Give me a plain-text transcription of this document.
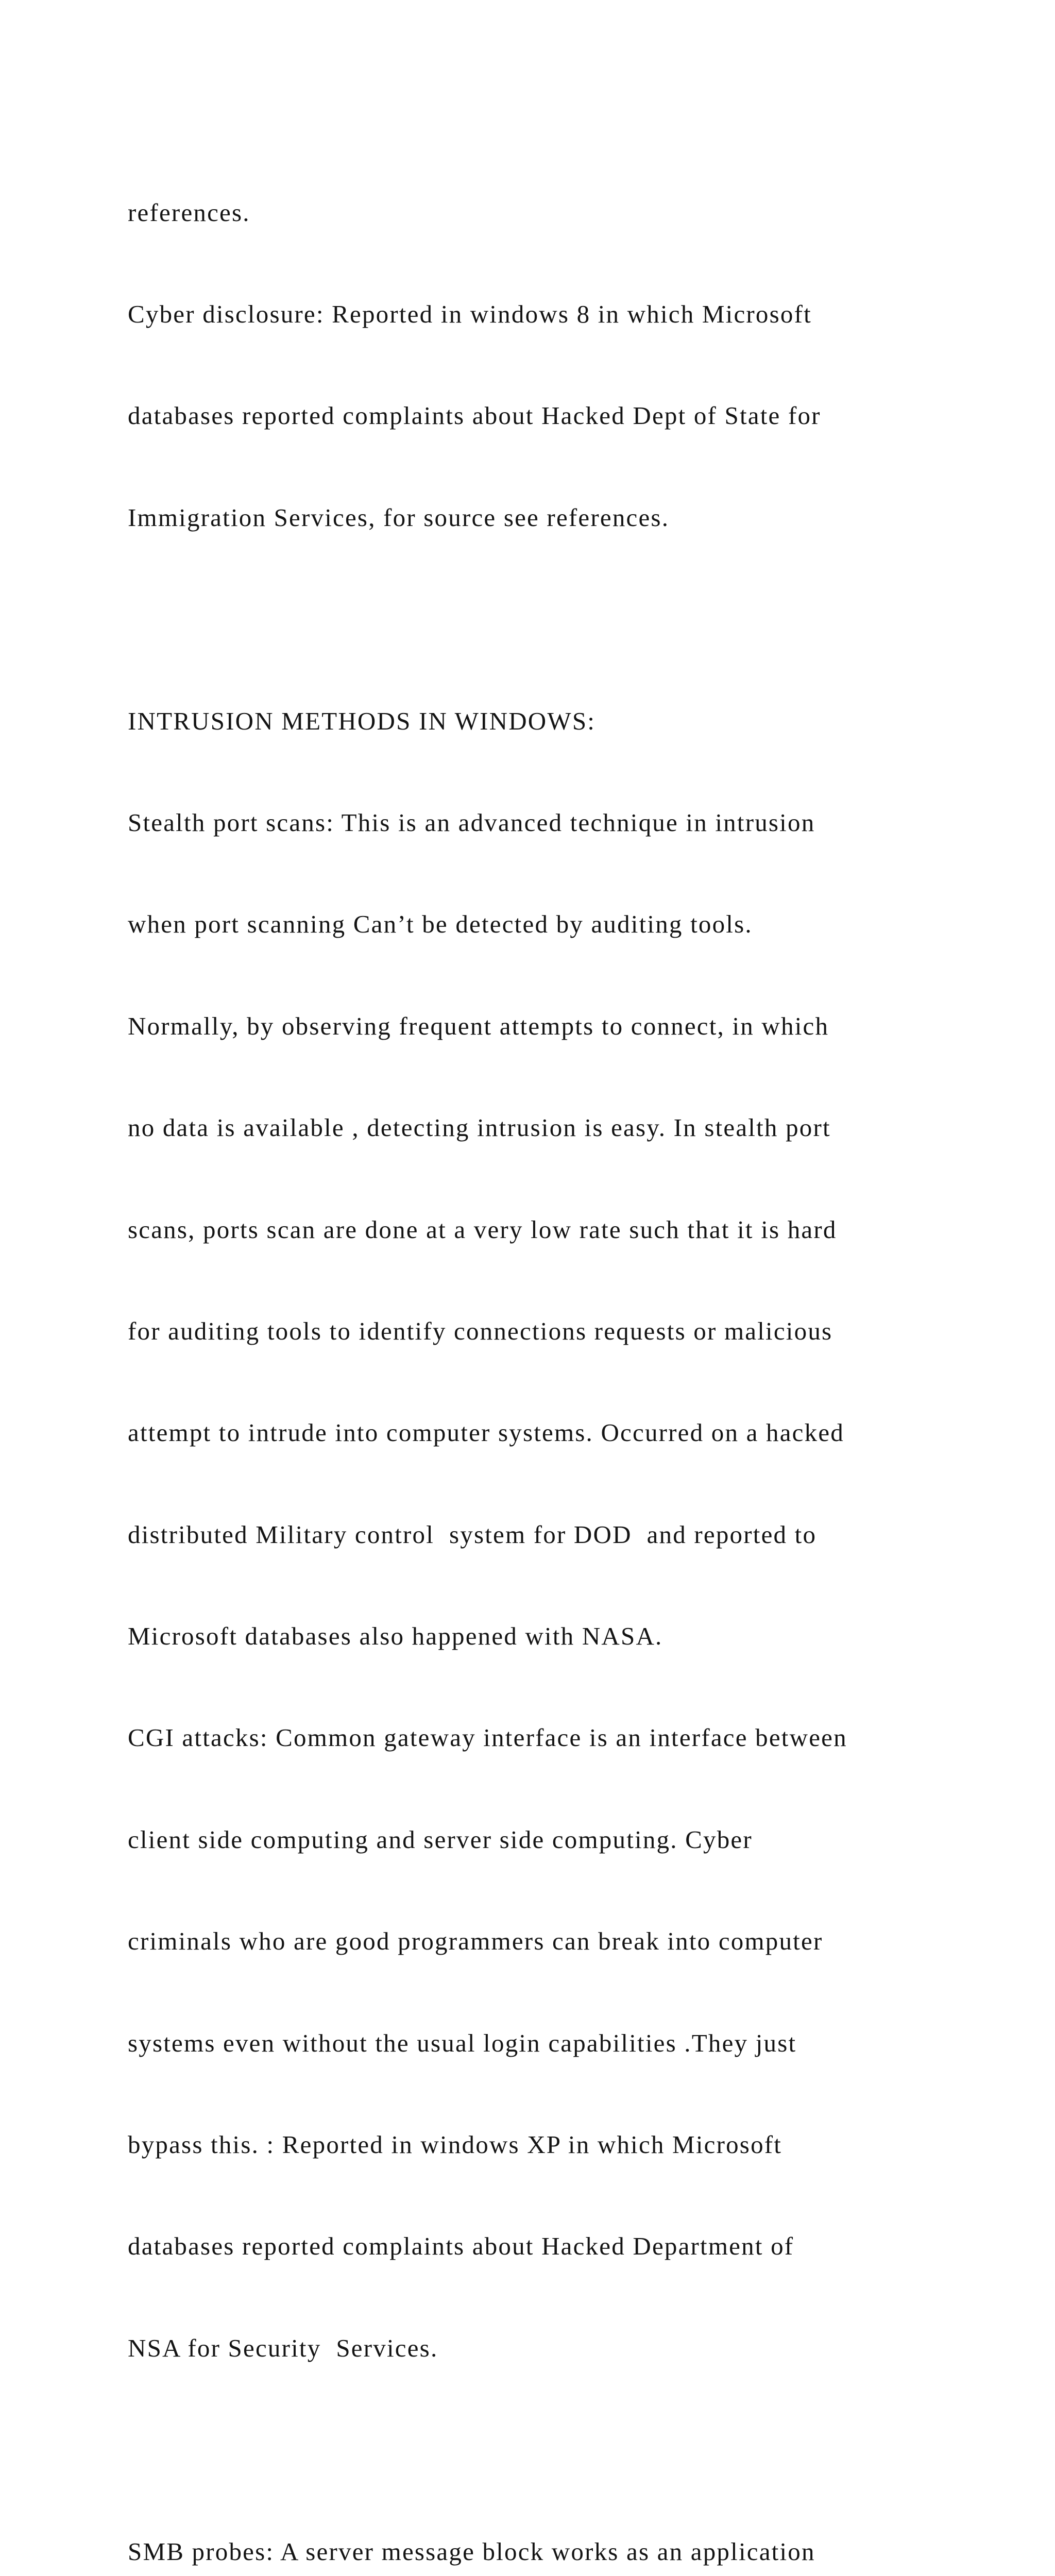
references.

Cyber disclosure: Reported in windows 8 in which Microsoft

databases reported complaints about Hacked Dept of State for

Immigration Services, for source see references.

INTRUSION METHODS IN WINDOWS:

Stealth port scans: This is an advanced technique in intrusion

when port scanning Can’t be detected by auditing tools.

Normally, by observing frequent attempts to connect, in which

no data is available , detecting intrusion is easy. In stealth port

scans, ports scan are done at a very low rate such that it is hard

for auditing tools to identify connections requests or malicious

attempt to intrude into computer systems. Occurred on a hacked

distributed Military control  system for DOD  and reported to

Microsoft databases also happened with NASA.

CGI attacks: Common gateway interface is an interface between

client side computing and server side computing. Cyber

criminals who are good programmers can break into computer

systems even without the usual login capabilities .They just

bypass this. : Reported in windows XP in which Microsoft

databases reported complaints about Hacked Department of

NSA for Security  Services.

SMB probes: A server message block works as an application
